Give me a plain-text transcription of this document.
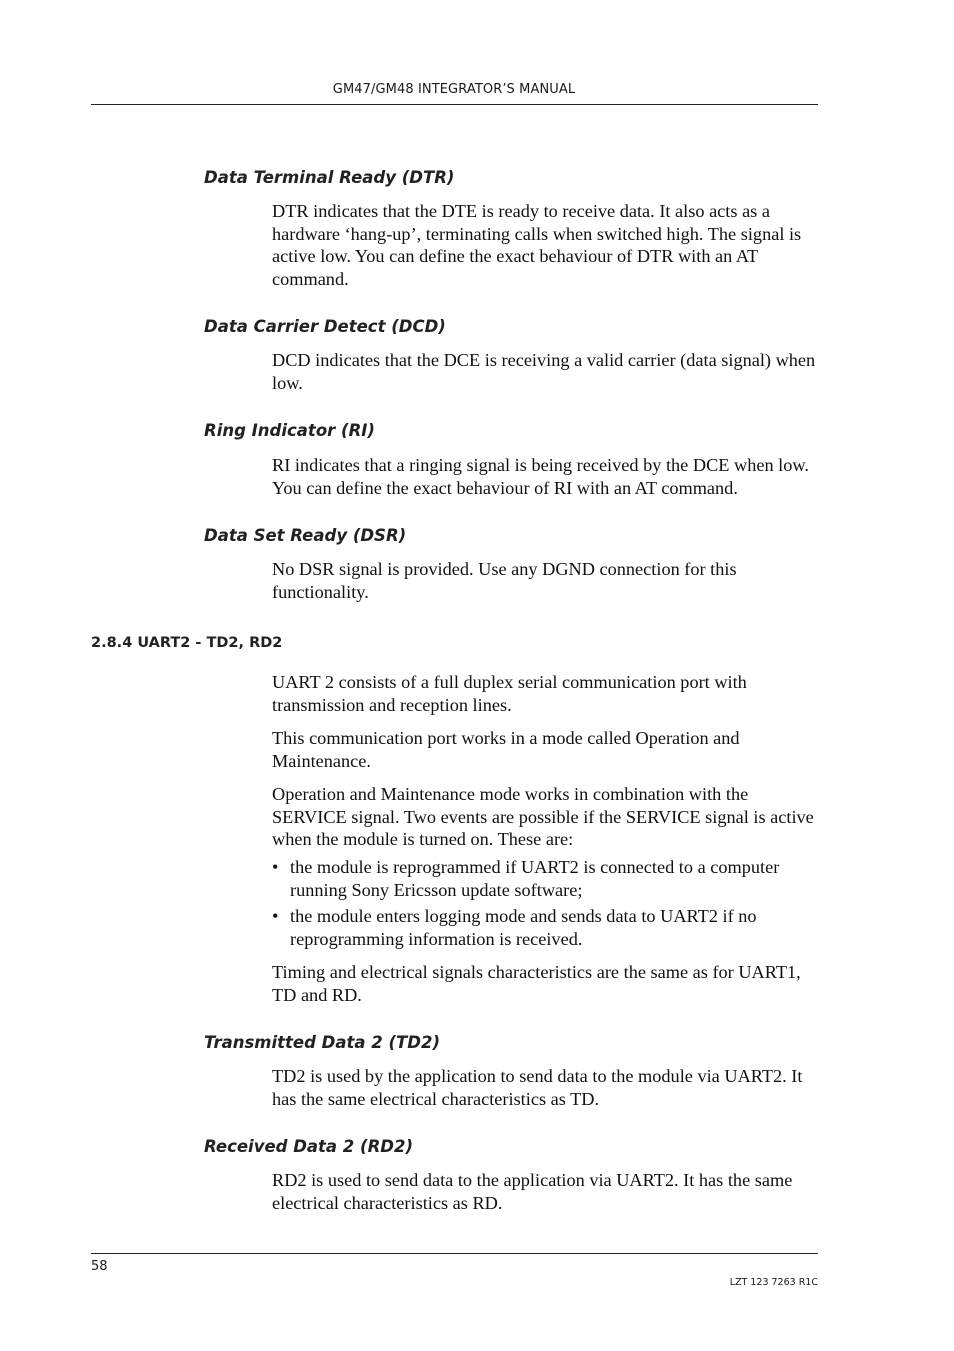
GM47/GM48 INTEGRATOR’S MANUAL
Data Terminal Ready (DTR)

DTR indicates that the DTE is ready to receive data. It also acts as a hardware ‘hang-up’, terminating calls when switched high. The signal is active low. You can define the exact behaviour of DTR with an AT command.

Data Carrier Detect (DCD)

DCD indicates that the DCE is receiving a valid carrier (data signal) when low.

Ring Indicator (RI)

RI indicates that a ringing signal is being received by the DCE when low. You can define the exact behaviour of RI with an AT command.

Data Set Ready (DSR)

No DSR signal is provided. Use any DGND connection for this functionality.

2.8.4 UART2 - TD2, RD2

UART 2 consists of a full duplex serial communication port with transmission and reception lines.

This communication port works in a mode called Operation and Maintenance.

Operation and Maintenance mode works in combination with the SERVICE signal. Two events are possible if the SERVICE signal is active when the module is turned on. These are:

• the module is reprogrammed if UART2 is connected to a computer running Sony Ericsson update software;
• the module enters logging mode and sends data to UART2 if no reprogramming information is received.

Timing and electrical signals characteristics are the same as for UART1, TD and RD.

Transmitted Data 2 (TD2)

TD2 is used by the application to send data to the module via UART2. It has the same electrical characteristics as TD.

Received Data 2 (RD2)

RD2 is used to send data to the application via UART2. It has the same electrical characteristics as RD.

58
LZT 123 7263 R1C
